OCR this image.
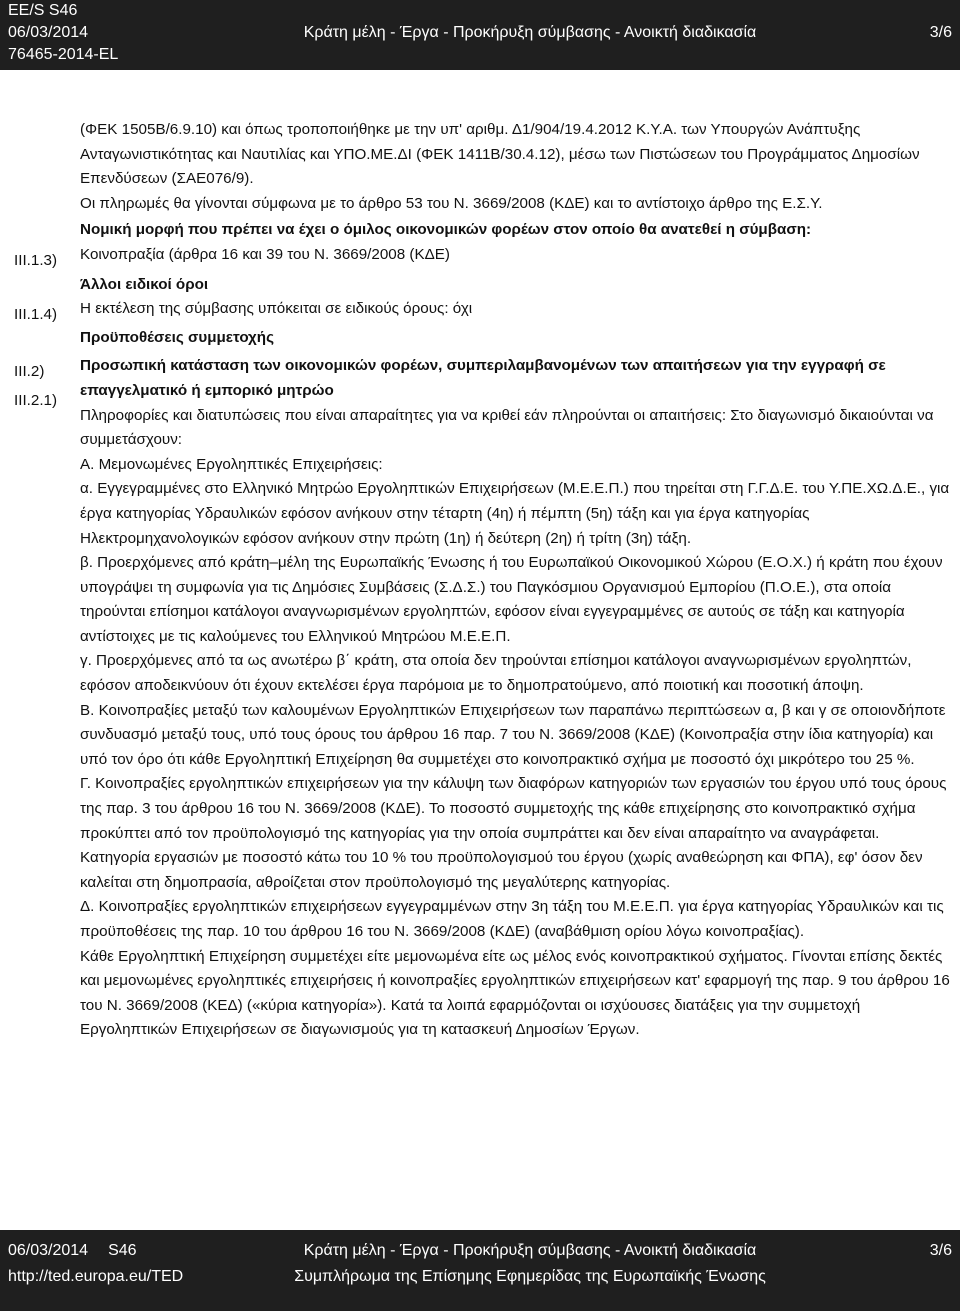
EE/S S46
06/03/2014
76465-2014-EL
Κράτη μέλη - Έργα - Προκήρυξη σύμβασης - Ανοικτή διαδικασία	3/6
III.1.3)
III.1.4)
III.2)
III.2.1)

(ΦΕΚ 1505Β/6.9.10) και όπως τροποποιήθηκε με την υπ' αριθμ. Δ1/904/19.4.2012 Κ.Υ.Α. των Υπουργών Ανάπτυξης Ανταγωνιστικότητας και Ναυτιλίας και ΥΠΟ.ΜΕ.ΔΙ (ΦΕΚ 1411Β/30.4.12), μέσω των Πιστώσεων του Προγράμματος Δημοσίων Επενδύσεων (ΣΑΕ076/9).

Οι πληρωμές θα γίνονται σύμφωνα με το άρθρο 53 του Ν. 3669/2008 (ΚΔΕ) και το αντίστοιχο άρθρο της Ε.Σ.Υ.

Νομική μορφή που πρέπει να έχει ο όμιλος οικονομικών φορέων στον οποίο θα ανατεθεί η σύμβαση:

Κοινοπραξία (άρθρα 16 και 39 του Ν. 3669/2008 (ΚΔΕ)

Άλλοι ειδικοί όροι

Η εκτέλεση της σύμβασης υπόκειται σε ειδικούς όρους: όχι

Προϋποθέσεις συμμετοχής

Προσωπική κατάσταση των οικονομικών φορέων, συμπεριλαμβανομένων των απαιτήσεων για την εγγραφή σε επαγγελματικό ή εμπορικό μητρώο

Πληροφορίες και διατυπώσεις που είναι απαραίτητες για να κριθεί εάν πληρούνται οι απαιτήσεις: Στο διαγωνισμό δικαιούνται να συμμετάσχουν:

Α. Μεμονωμένες Εργοληπτικές Επιχειρήσεις:

α. Εγγεγραμμένες στο Ελληνικό Μητρώο Εργοληπτικών Επιχειρήσεων (Μ.Ε.Ε.Π.) που τηρείται στη Γ.Γ.Δ.Ε. του Υ.ΠΕ.ΧΩ.Δ.Ε., για έργα κατηγορίας Υδραυλικών εφόσον ανήκουν στην τέταρτη (4η) ή πέμπτη (5η) τάξη και για έργα κατηγορίας Ηλεκτρομηχανολογικών εφόσον ανήκουν στην πρώτη (1η) ή δεύτερη (2η) ή τρίτη (3η) τάξη.

β. Προερχόμενες από κράτη–μέλη της Ευρωπαϊκής Ένωσης ή του Ευρωπαϊκού Οικονομικού Χώρου (Ε.Ο.Χ.) ή κράτη που έχουν υπογράψει τη συμφωνία για τις Δημόσιες Συμβάσεις (Σ.Δ.Σ.) του Παγκόσμιου Οργανισμού Εμπορίου (Π.Ο.Ε.), στα οποία τηρούνται επίσημοι κατάλογοι αναγνωρισμένων εργοληπτών, εφόσον είναι εγγεγραμμένες σε αυτούς σε τάξη και κατηγορία αντίστοιχες με τις καλούμενες του Ελληνικού Μητρώου Μ.Ε.Ε.Π.

γ. Προερχόμενες από τα ως ανωτέρω β΄ κράτη, στα οποία δεν τηρούνται επίσημοι κατάλογοι αναγνωρισμένων εργοληπτών, εφόσον αποδεικνύουν ότι έχουν εκτελέσει έργα παρόμοια με το δημοπρατούμενο, από ποιοτική και ποσοτική άποψη.

Β. Κοινοπραξίες μεταξύ των καλουμένων Εργοληπτικών Επιχειρήσεων των παραπάνω περιπτώσεων α, β και γ σε οποιονδήποτε συνδυασμό μεταξύ τους, υπό τους όρους του άρθρου 16 παρ. 7 του Ν. 3669/2008 (ΚΔΕ) (Κοινοπραξία στην ίδια κατηγορία) και υπό τον όρο ότι κάθε Εργοληπτική Επιχείρηση θα συμμετέχει στο κοινοπρακτικό σχήμα με ποσοστό όχι μικρότερο του 25 %.

Γ. Κοινοπραξίες εργοληπτικών επιχειρήσεων για την κάλυψη των διαφόρων κατηγοριών των εργασιών του έργου υπό τους όρους της παρ. 3 του άρθρου 16 του Ν. 3669/2008 (ΚΔΕ). Το ποσοστό συμμετοχής της κάθε επιχείρησης στο κοινοπρακτικό σχήμα προκύπτει από τον προϋπολογισμό της κατηγορίας για την οποία συμπράττει και δεν είναι απαραίτητο να αναγράφεται. Κατηγορία εργασιών με ποσοστό κάτω του 10 % του προϋπολογισμού του έργου (χωρίς αναθεώρηση και ΦΠΑ), εφ' όσον δεν καλείται στη δημοπρασία, αθροίζεται στον προϋπολογισμό της μεγαλύτερης κατηγορίας.

Δ. Κοινοπραξίες εργοληπτικών επιχειρήσεων εγγεγραμμένων στην 3η τάξη του Μ.Ε.Ε.Π. για έργα κατηγορίας Υδραυλικών και τις προϋποθέσεις της παρ. 10 του άρθρου 16 του Ν. 3669/2008 (ΚΔΕ) (αναβάθμιση ορίου λόγω κοινοπραξίας).

Κάθε Εργοληπτική Επιχείρηση συμμετέχει είτε μεμονωμένα είτε ως μέλος ενός κοινοπρακτικού σχήματος. Γίνονται επίσης δεκτές και μεμονωμένες εργοληπτικές επιχειρήσεις ή κοινοπραξίες εργοληπτικών επιχειρήσεων κατ' εφαρμογή της παρ. 9 του άρθρου 16 του Ν. 3669/2008 (ΚΕΔ) («κύρια κατηγορία»). Κατά τα λοιπά εφαρμόζονται οι ισχύουσες διατάξεις για την συμμετοχή Εργοληπτικών Επιχειρήσεων σε διαγωνισμούς για τη κατασκευή Δημοσίων Έργων.

06/03/2014 S46
http://ted.europa.eu/TED
Κράτη μέλη - Έργα - Προκήρυξη σύμβασης - Ανοικτή διαδικασία
Συμπλήρωμα της Επίσημης Εφημερίδας της Ευρωπαϊκής Ένωσης
3/6
